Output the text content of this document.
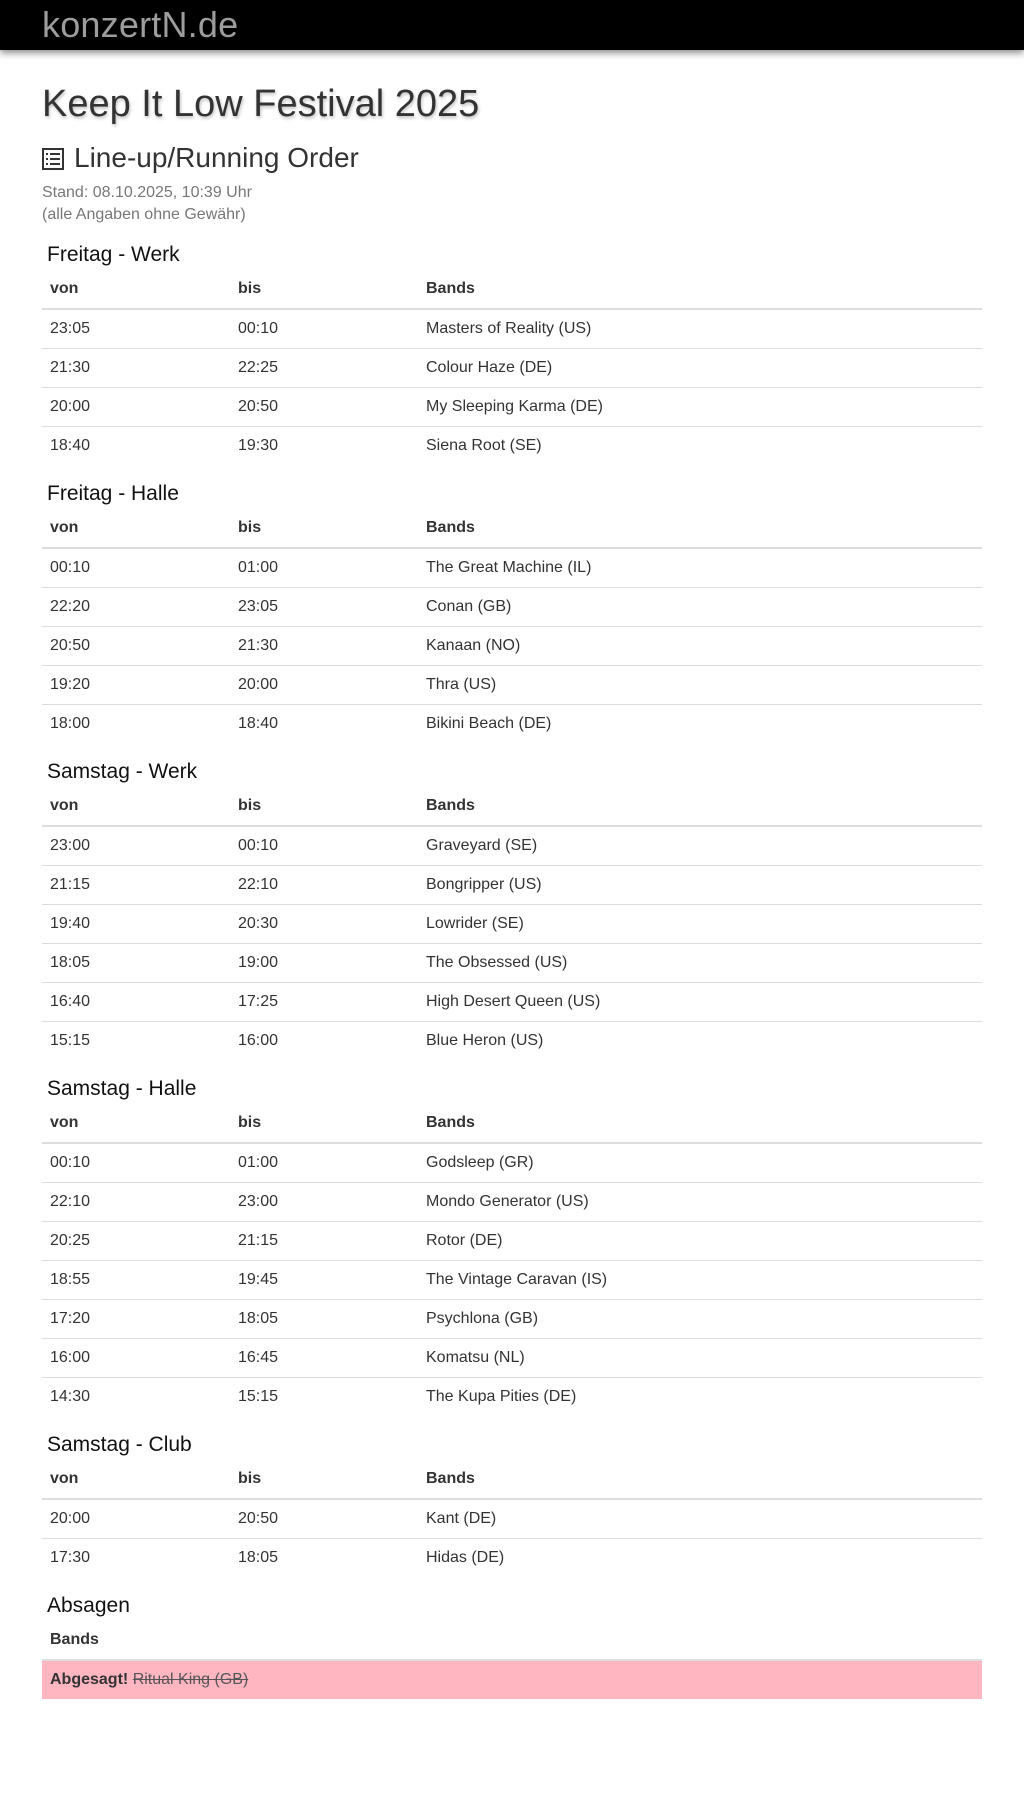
konzertN.de
Keep It Low Festival 2025
Line-up/Running Order
Stand: 08.10.2025, 10:39 Uhr
(alle Angaben ohne Gewähr)
Freitag - Werk
von	bis	Bands
23:05	00:10	Masters of Reality (US)
21:30	22:25	Colour Haze (DE)
20:00	20:50	My Sleeping Karma (DE)
18:40	19:30	Siena Root (SE)
Freitag - Halle
von	bis	Bands
00:10	01:00	The Great Machine (IL)
22:20	23:05	Conan (GB)
20:50	21:30	Kanaan (NO)
19:20	20:00	Thra (US)
18:00	18:40	Bikini Beach (DE)
Samstag - Werk
von	bis	Bands
23:00	00:10	Graveyard (SE)
21:15	22:10	Bongripper (US)
19:40	20:30	Lowrider (SE)
18:05	19:00	The Obsessed (US)
16:40	17:25	High Desert Queen (US)
15:15	16:00	Blue Heron (US)
Samstag - Halle
von	bis	Bands
00:10	01:00	Godsleep (GR)
22:10	23:00	Mondo Generator (US)
20:25	21:15	Rotor (DE)
18:55	19:45	The Vintage Caravan (IS)
17:20	18:05	Psychlona (GB)
16:00	16:45	Komatsu (NL)
14:30	15:15	The Kupa Pities (DE)
Samstag - Club
von	bis	Bands
20:00	20:50	Kant (DE)
17:30	18:05	Hidas (DE)
Absagen
Bands
Abgesagt! Ritual King (GB)
